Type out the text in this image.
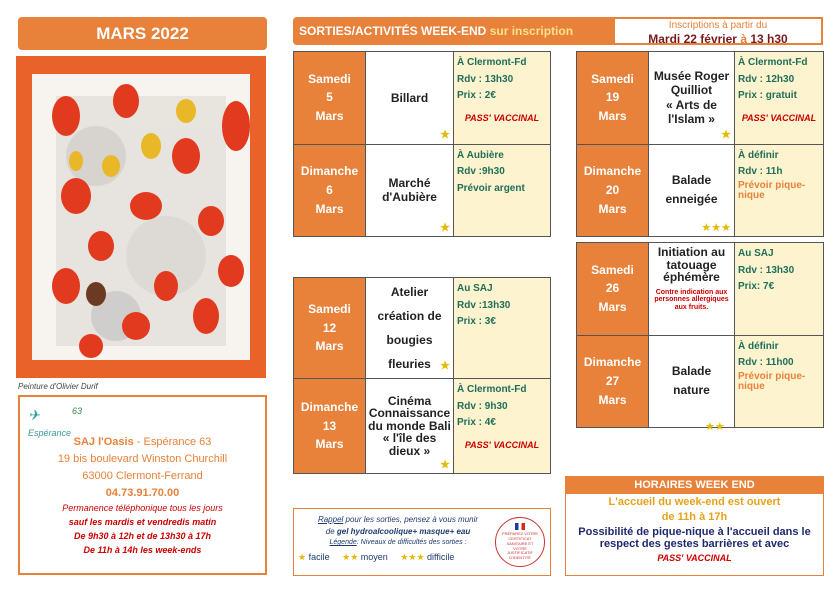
MARS 2022	SORTIES/ACTIVITÉS WEEK-END
sur inscription	Inscriptions à partir du
Mardi 22 février à 13 h30
Peinture d'Olivier Durif
✈
Espérance
63
SAJ l'Oasis - Espérance 63
19 bis boulevard Winston Churchill
63000 Clermont-Ferrand
04.73.91.70.00
Permanence téléphonique tous les jours
sauf les mardis et vendredis matin
De 9h30 à 12h et de 13h30 à 17h
De 11h à 14h les week-ends
Samedi
5
Mars
Billard
★
À Clermont-Fd
Rdv : 13h30
Prix : 2€
PASS' VACCINAL
Dimanche
6
Mars
Marché d'Aubière
★
À Aubière
Rdv :9h30
Prévoir argent
Samedi
19
Mars
Musée Roger Quilliot
« Arts de l'Islam »
★
À Clermont-Fd
Rdv : 12h30
Prix : gratuit
PASS' VACCINAL
Dimanche
20
Mars
Balade enneigée
★★★
À définir
Rdv : 11h
Prévoir pique-nique
Samedi
12
Mars
Atelier création de bougies fleuries ★
Au SAJ
Rdv :13h30
Prix : 3€
Dimanche
13
Mars
Cinéma Connaissance du monde Bali
« l'île des dieux »
★
À Clermont-Fd
Rdv : 9h30
Prix : 4€
PASS' VACCINAL
Samedi
26
Mars
Initiation au tatouage éphémère
Contre indication aux personnes allergiques aux fruits.
Au SAJ
Rdv : 13h30
Prix: 7€
Dimanche
27
Mars
Balade nature
À définir
Rdv : 11h00
Prévoir pique-nique
★★
Rappel pour les sorties, pensez à vous munir
de gel hydroalcoolique+ masque+ eau
Légende: Niveaux de difficultés des sorties :
★ facile ★★ moyen ★★★ difficile
PRÉPAREZ VOTRE CERTIFICAT SANITAIRE ET VOTRE JUSTIFICATIF D'IDENTITÉ
HORAIRES WEEK END
L'accueil du week-end est ouvert
de 11h à 17h
Possibilité de pique-nique à l'accueil dans le respect des gestes barrières et avec
PASS' VACCINAL
